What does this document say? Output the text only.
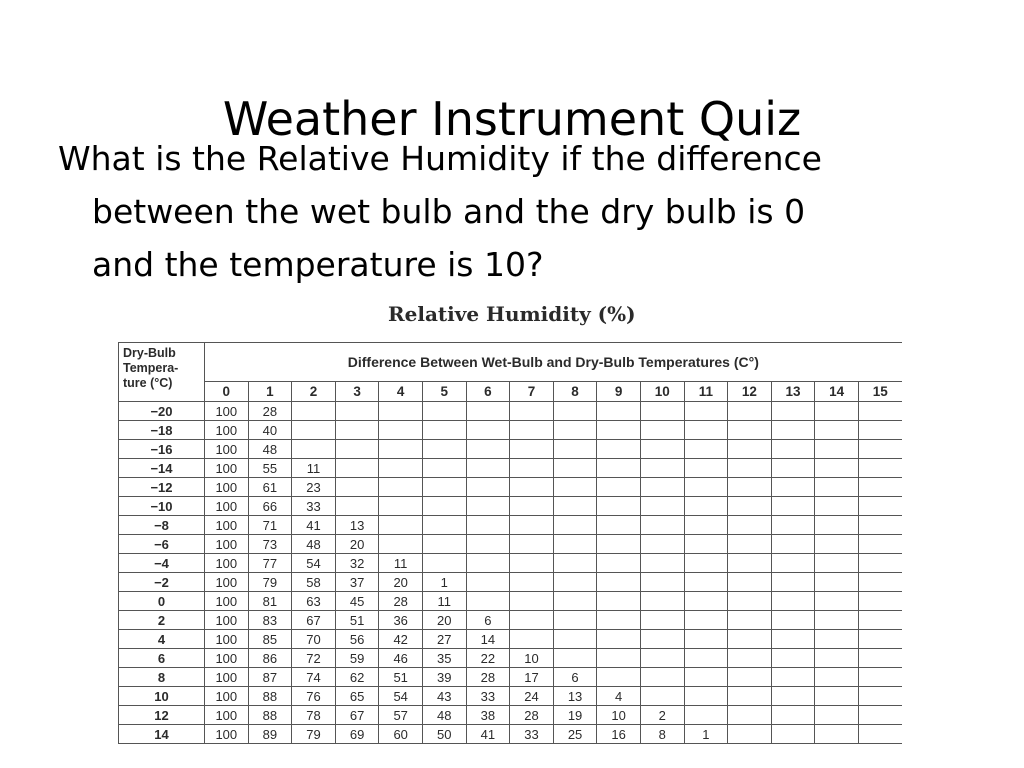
Weather Instrument Quiz
What is the Relative Humidity if the difference
between the wet bulb and the dry bulb is 0
and the temperature is 10?
Relative Humidity (%)
Dry-Bulb
Tempera-
ture (°C)	Difference Between Wet-Bulb and Dry-Bulb Temperatures (C°)															
	0	1	2	3	4	5	6	7	8	9	10	11	12	13	14	15
−20	100	28														
−18	100	40														
−16	100	48														
−14	100	55	11													
−12	100	61	23													
−10	100	66	33													
−8	100	71	41	13												
−6	100	73	48	20												
−4	100	77	54	32	11											
−2	100	79	58	37	20	1										
0	100	81	63	45	28	11										
2	100	83	67	51	36	20	6									
4	100	85	70	56	42	27	14									
6	100	86	72	59	46	35	22	10								
8	100	87	74	62	51	39	28	17	6							
10	100	88	76	65	54	43	33	24	13	4						
12	100	88	78	67	57	48	38	28	19	10	2					
14	100	89	79	69	60	50	41	33	25	16	8	1				
